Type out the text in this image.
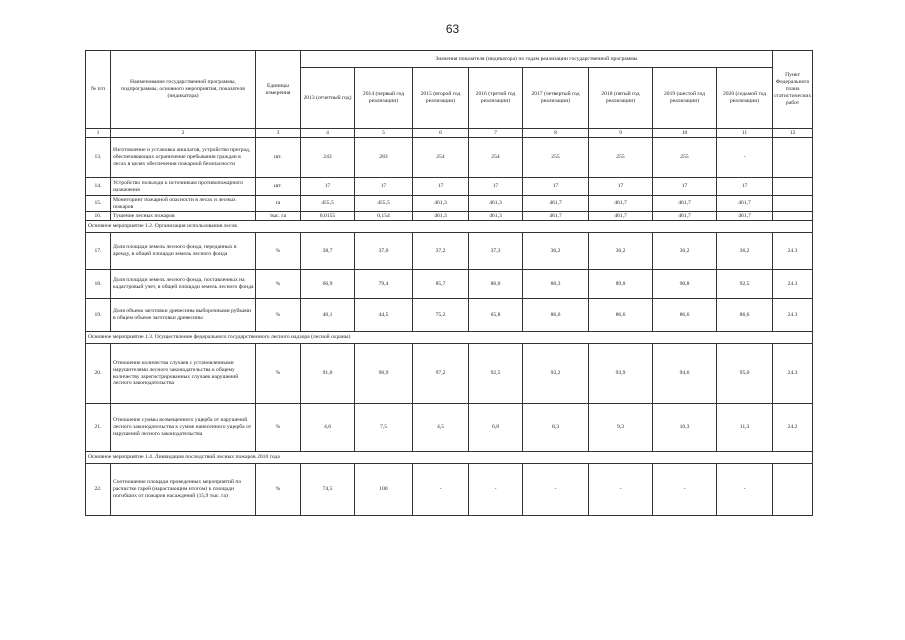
63
№ п/п	Наименование государственной программы, подпрограммы, основного мероприятия, показателя (индикатора)	Единицы измерения	Значения показателя (индикатора) по годам реализации государственной программы								Пункт Федерального плана статистических работ
			2013 (отчетный год)	2014 (первый год реализации)	2015 (второй год реализации)	2016 (третий год реализации)	2017 (четвертый год реализации)	2018 (пятый год реализации)	2019 (шестой год реализации)	2020 (седьмой год реализации)	
1	2	3	4	5	6	7	8	9	10	11	12
13.	Изготовление и установка аншлагов, устройство преград, обеспечивающих ограничение пребывания граждан в лесах в целях обеспечения пожарной безопасности	шт.	243	283	254	254	255	255	255	-	
14.	Устройство пользоди к источникам противопожарного назначения	шт.	17	17	17	17	17	17	17	17	
15.	Мониторинг пожарной опасности в лесах и лесных пожаров	га	455,5	455,5	461,3	461,3	461,7	461,7	461,7	461,7	
16.	Тушение лесных пожаров	тыс. га	0,0155	0,154	461,3	461,3	461,7	461,7	461,7	461,7	
Основное мероприятие 1.2. Организация использования лесов											
17.	Доля площади земель лесного фонда, переданных в аренду, в общей площади земель лесного фонда	%	38,7	37,0	37,2	37,3	36,2	36,2	36,2	36,2	24.3
18.	Доля площади земель лесного фонда, поставленных на кадастровый учет, в общей площади земель лесного фонда	%	66,9	79,4	85,7	86,0	88,3	89,0	90,8	92,5	24.3
19.	Доля объема заготовки древесины выборочными рубками в общем объеме заготовки древесины	%	40,1	44,5	75,2	65,8	86,6	86,6	86,6	86,6	24.3
Основное мероприятие 1.3. Осуществление федерального государственного лесного надзора (лесной охраны)											
20.	Отношение количества случаев с установленными нарушителями лесного законодательства к общему количеству зарегистрированных случаев нарушений лесного законодательства	%	91,0	96,9	97,2	92,5	93,2	93,9	94,6	95,0	24.3
21.	Отношение суммы возмещенного ущерба от нарушений лесного законодательства к сумме нанесенного ущерба от нарушений лесного законодательства	%	4,6	7,5	4,5	6,8	8,3	9,3	10,3	11,3	24.2
Основное мероприятие 1.4. Ликвидация последствий лесных пожаров 2010 года											
22.	Соотношение площади проведенных мероприятий по расчистке гарей (нарастающим итогом) к площади погибших от пожаров насаждений (15,9 тыс. га)	%	74,5	100	-	-	-	-	-	-	
